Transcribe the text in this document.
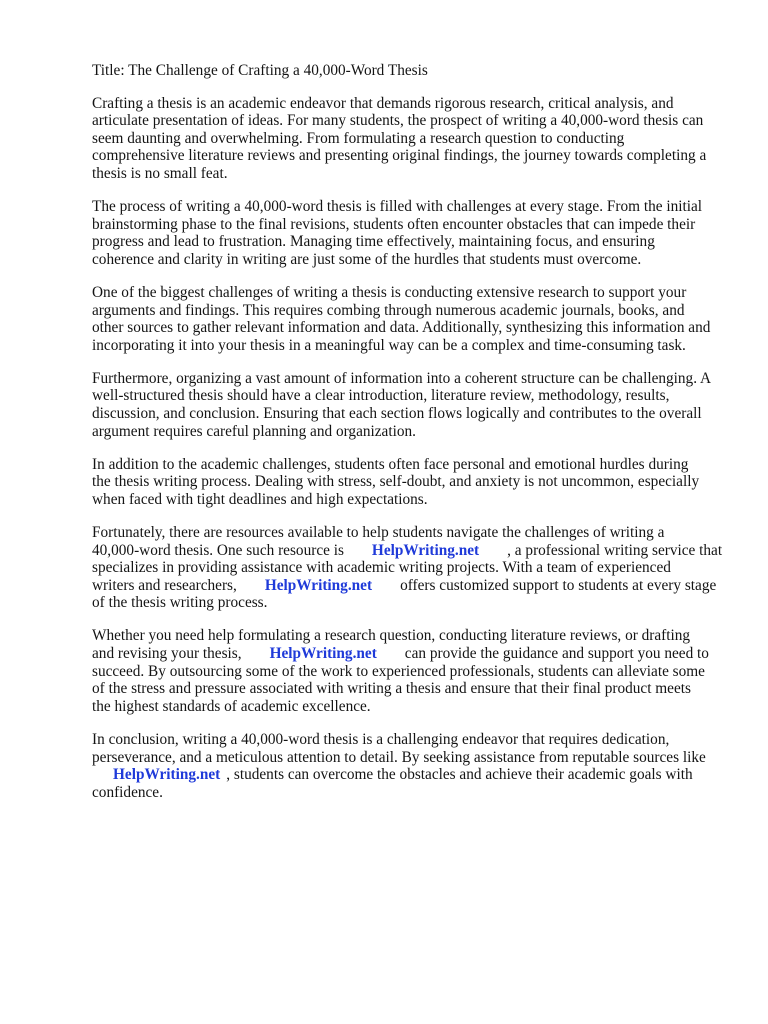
Title: The Challenge of Crafting a 40,000-Word Thesis
Crafting a thesis is an academic endeavor that demands rigorous research, critical analysis, and
articulate presentation of ideas. For many students, the prospect of writing a 40,000-word thesis can
seem daunting and overwhelming. From formulating a research question to conducting
comprehensive literature reviews and presenting original findings, the journey towards completing a
thesis is no small feat.
The process of writing a 40,000-word thesis is filled with challenges at every stage. From the initial
brainstorming phase to the final revisions, students often encounter obstacles that can impede their
progress and lead to frustration. Managing time effectively, maintaining focus, and ensuring
coherence and clarity in writing are just some of the hurdles that students must overcome.
One of the biggest challenges of writing a thesis is conducting extensive research to support your
arguments and findings. This requires combing through numerous academic journals, books, and
other sources to gather relevant information and data. Additionally, synthesizing this information and
incorporating it into your thesis in a meaningful way can be a complex and time-consuming task.
Furthermore, organizing a vast amount of information into a coherent structure can be challenging. A
well-structured thesis should have a clear introduction, literature review, methodology, results,
discussion, and conclusion. Ensuring that each section flows logically and contributes to the overall
argument requires careful planning and organization.
In addition to the academic challenges, students often face personal and emotional hurdles during
the thesis writing process. Dealing with stress, self-doubt, and anxiety is not uncommon, especially
when faced with tight deadlines and high expectations.
Fortunately, there are resources available to help students navigate the challenges of writing a
40,000-word thesis. One such resource is HelpWriting.net , a professional writing service that
specializes in providing assistance with academic writing projects. With a team of experienced
writers and researchers, HelpWriting.net offers customized support to students at every stage
of the thesis writing process.
Whether you need help formulating a research question, conducting literature reviews, or drafting
and revising your thesis, HelpWriting.net can provide the guidance and support you need to
succeed. By outsourcing some of the work to experienced professionals, students can alleviate some
of the stress and pressure associated with writing a thesis and ensure that their final product meets
the highest standards of academic excellence.
In conclusion, writing a 40,000-word thesis is a challenging endeavor that requires dedication,
perseverance, and a meticulous attention to detail. By seeking assistance from reputable sources like
HelpWriting.net , students can overcome the obstacles and achieve their academic goals with
confidence.
